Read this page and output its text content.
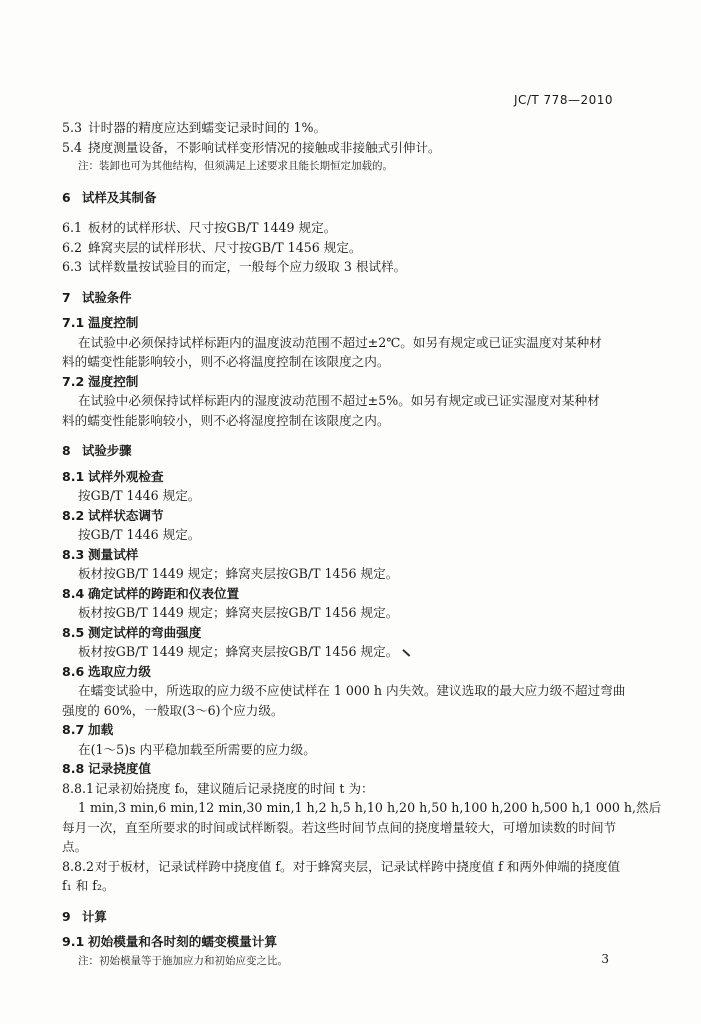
JC/T 778—2010
5.3 计时器的精度应达到蠕变记录时间的 1%。
5.4 挠度测量设备，不影响试样变形情况的接触或非接触式引伸计。
注：装卸也可为其他结构，但须满足上述要求且能长期恒定加载的。
6 试样及其制备
6.1 板材的试样形状、尺寸按GB/T 1449 规定。
6.2 蜂窝夹层的试样形状、尺寸按GB/T 1456 规定。
6.3 试样数量按试验目的而定，一般每个应力级取 3 根试样。
7 试验条件
7.1 温度控制
在试验中必须保持试样标距内的温度波动范围不超过±2℃。如另有规定或已证实温度对某种材
料的蠕变性能影响较小，则不必将温度控制在该限度之内。
7.2 湿度控制
在试验中必须保持试样标距内的湿度波动范围不超过±5%。如另有规定或已证实湿度对某种材
料的蠕变性能影响较小，则不必将湿度控制在该限度之内。
8 试验步骤
8.1 试样外观检查
按GB/T 1446 规定。
8.2 试样状态调节
按GB/T 1446 规定。
8.3 测量试样
板材按GB/T 1449 规定；蜂窝夹层按GB/T 1456 规定。
8.4 确定试样的跨距和仪表位置
板材按GB/T 1449 规定；蜂窝夹层按GB/T 1456 规定。
8.5 测定试样的弯曲强度
板材按GB/T 1449 规定；蜂窝夹层按GB/T 1456 规定。
8.6 选取应力级
在蠕变试验中，所选取的应力级不应使试样在 1 000 h 内失效。建议选取的最大应力级不超过弯曲
强度的 60%，一般取(3～6)个应力级。
8.7 加载
在(1～5)s 内平稳加载至所需要的应力级。
8.8 记录挠度值
8.8.1记录初始挠度 f₀，建议随后记录挠度的时间 t 为：
1 min,3 min,6 min,12 min,30 min,1 h,2 h,5 h,10 h,20 h,50 h,100 h,200 h,500 h,1 000 h,然后
每月一次，直至所要求的时间或试样断裂。若这些时间节点间的挠度增量较大，可增加读数的时间节
点。
8.8.2对于板材，记录试样跨中挠度值 f。对于蜂窝夹层，记录试样跨中挠度值 f 和两外伸端的挠度值
f₁ 和 f₂。
9 计算
9.1 初始模量和各时刻的蠕变模量计算
注：初始模量等于施加应力和初始应变之比。	3
